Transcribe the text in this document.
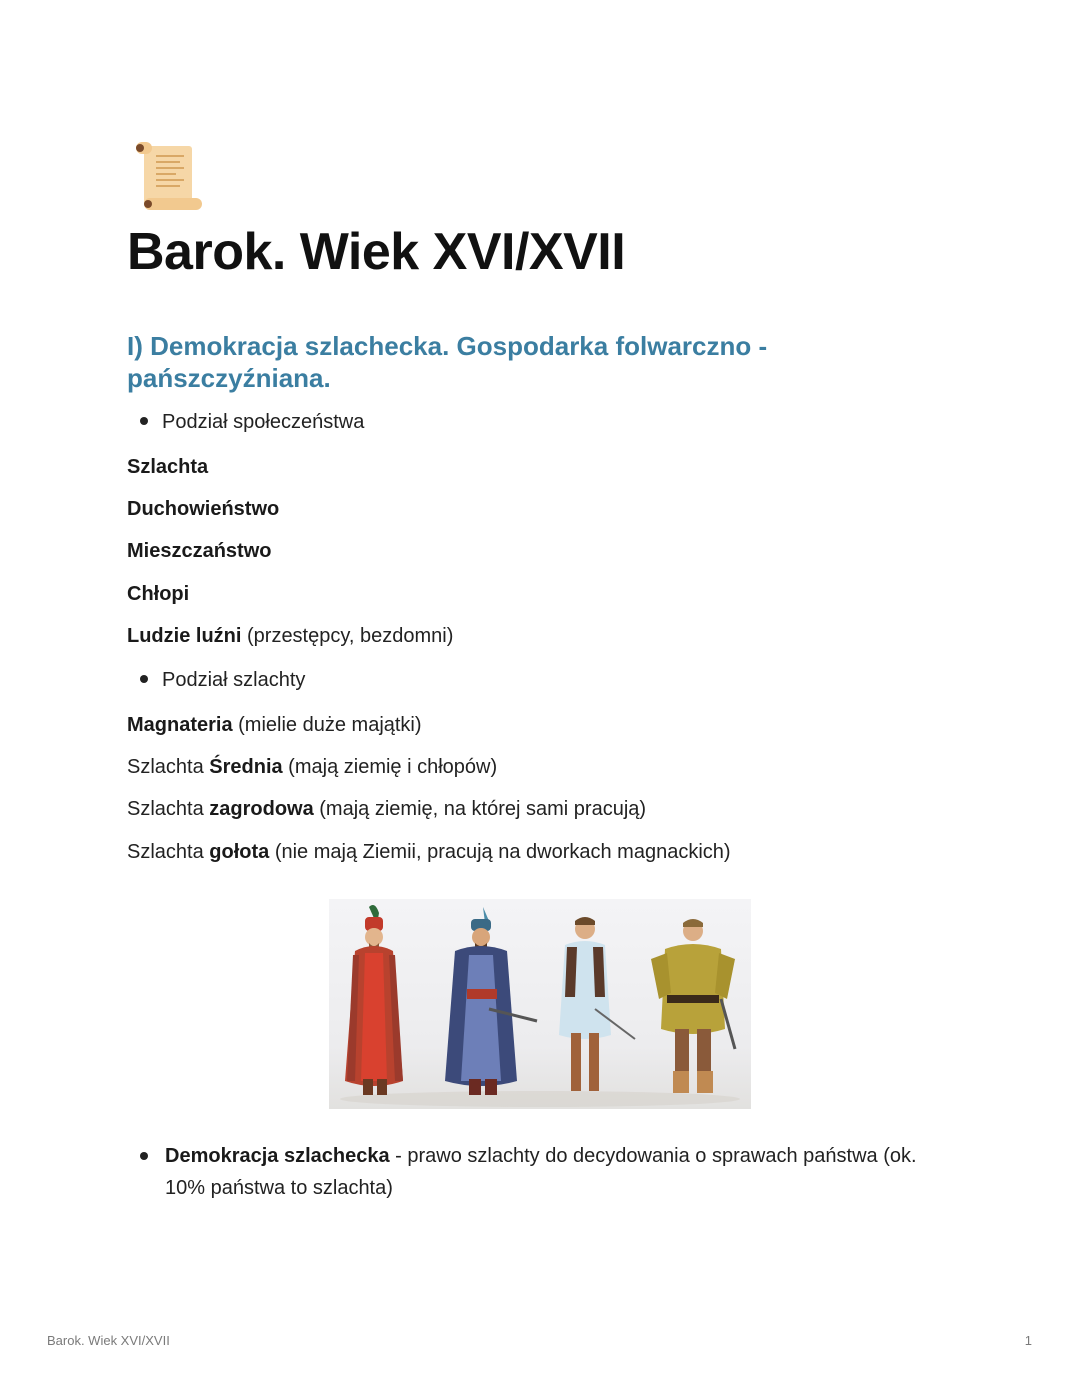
Barok. Wiek XVI/XVII
I) Demokracja szlachecka. Gospodarka folwarczno - pańszczyźniana.
Podział społeczeństwa
Szlachta
Duchowieństwo
Mieszczaństwo
Chłopi
Ludzie luźni (przestępcy, bezdomni)
Podział szlachty
Magnateria (mielie duże majątki)
Szlachta Średnia (mają ziemię i chłopów)
Szlachta zagrodowa (mają ziemię, na której sami pracują)
Szlachta gołota (nie mają Ziemii, pracują na dworkach magnackich)
Demokracja szlachecka - prawo szlachty do decydowania o sprawach państwa (ok. 10% państwa to szlachta)
Barok. Wiek XVI/XVII	1
